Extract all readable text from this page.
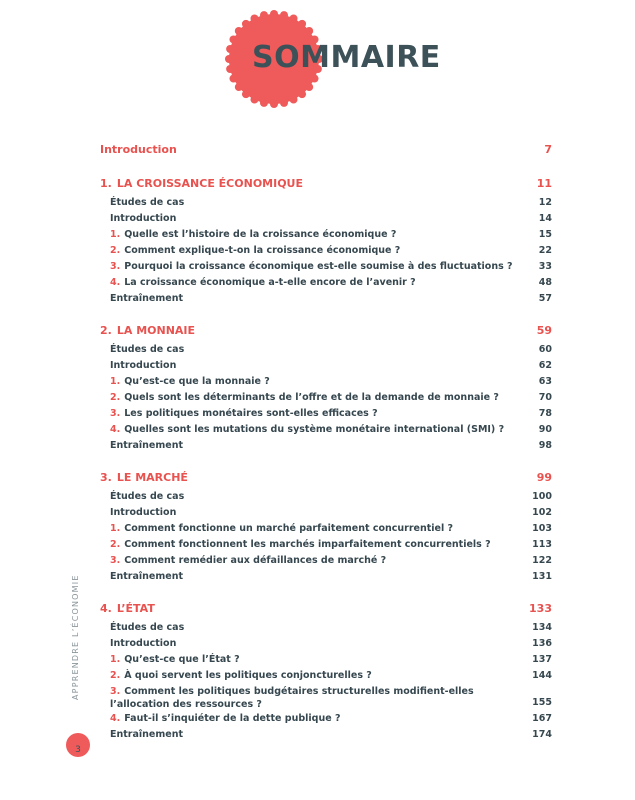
SOMMAIRE
Introduction	7
1. LA CROISSANCE ÉCONOMIQUE	11
Études de cas	12
Introduction	14
1. Quelle est l’histoire de la croissance économique ?	15
2. Comment explique-t-on la croissance économique ?	22
3. Pourquoi la croissance économique est-elle soumise à des fluctuations ?	33
4. La croissance économique a-t-elle encore de l’avenir ?	48
Entraînement	57
2. LA MONNAIE	59
Études de cas	60
Introduction	62
1. Qu’est-ce que la monnaie ?	63
2. Quels sont les déterminants de l’offre et de la demande de monnaie ?	70
3. Les politiques monétaires sont-elles efficaces ?	78
4. Quelles sont les mutations du système monétaire international (SMI) ?	90
Entraînement	98
3. LE MARCHÉ	99
Études de cas	100
Introduction	102
1. Comment fonctionne un marché parfaitement concurrentiel ?	103
2. Comment fonctionnent les marchés imparfaitement concurrentiels ?	113
3. Comment remédier aux défaillances de marché ?	122
Entraînement	131
4. L’ÉTAT	133
Études de cas	134
Introduction	136
1. Qu’est-ce que l’État ?	137
2. À quoi servent les politiques conjoncturelles ?	144
3. Comment les politiques budgétaires structurelles modifient-elles l’allocation des ressources ?	155
4. Faut-il s’inquiéter de la dette publique ?	167
Entraînement	174
APPRENDRE L’ÉCONOMIE
3
